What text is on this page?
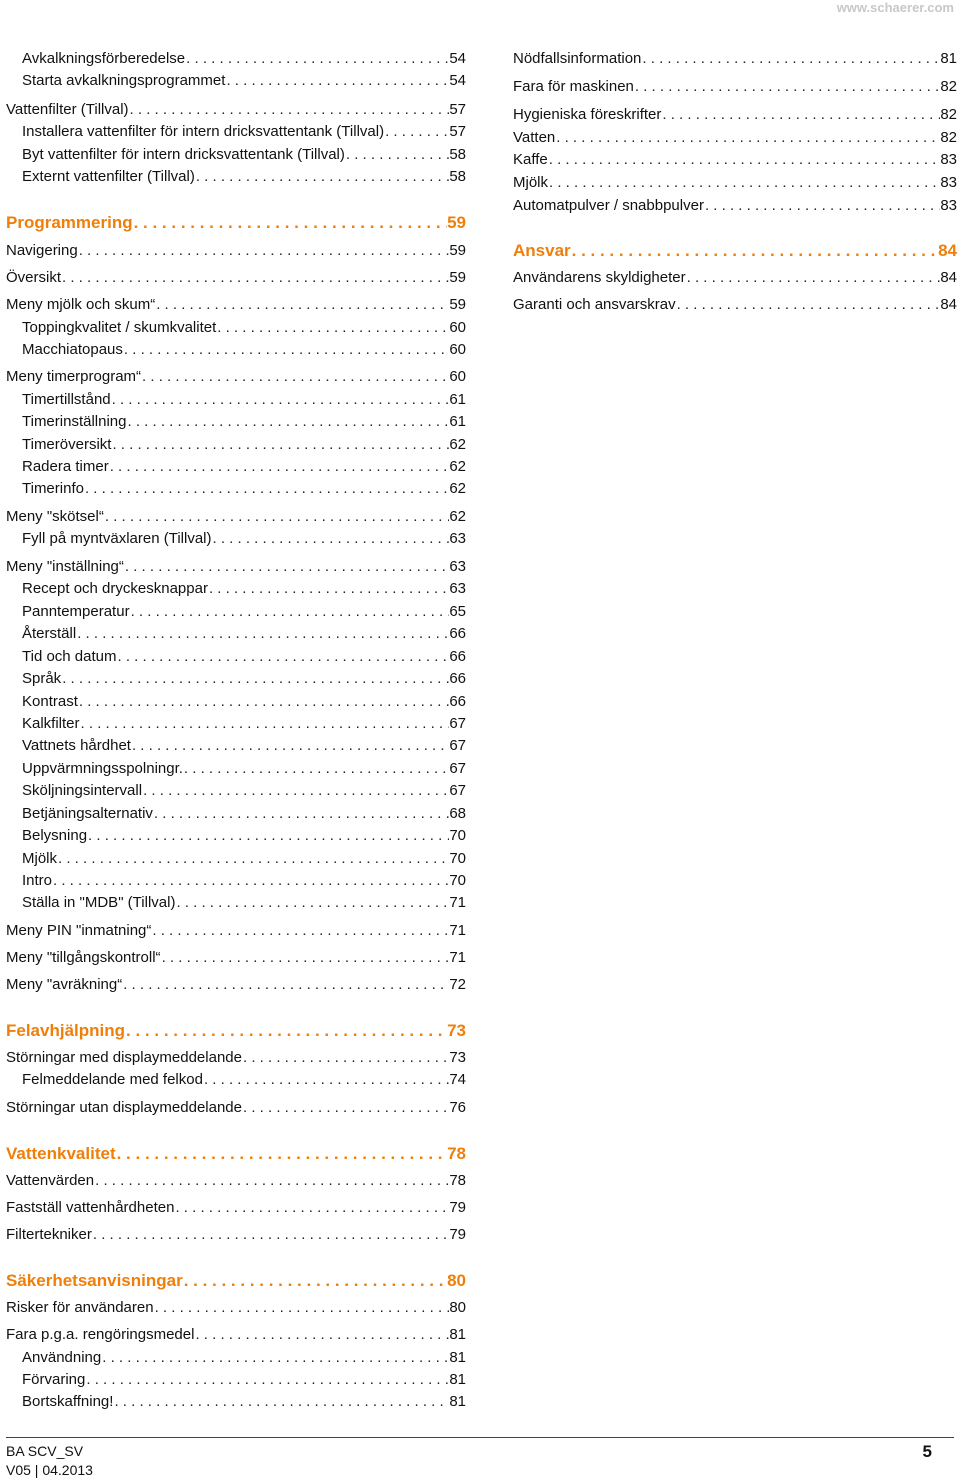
www.schaerer.com
Avkalkningsförberedelse . . .	54
Starta avkalkningsprogrammet . . .	54
Vattenfilter (Tillval) . . .	57
Installera vattenfilter för intern dricksvattentank (Tillval) . . .	57
Byt vattenfilter för intern dricksvattentank (Tillval) . . .	58
Externt vattenfilter (Tillval) . . .	58
Programmering . . .	59
Navigering . . .	59
Översikt . . .	59
Meny mjölk och skum“ . . .	59
Toppingkvalitet / skumkvalitet . . .	60
Macchiatopaus . . .	60
Meny timerprogram“ . . .	60
Timertillstånd . . .	61
Timerinställning . . .	61
Timeröversikt . . .	62
Radera timer . . .	62
Timerinfo . . .	62
Meny "skötsel“ . . .	62
Fyll på myntväxlaren (Tillval) . . .	63
Meny "inställning“ . . .	63
Recept och dryckesknappar . . .	63
Panntemperatur . . .	65
Återställ . . .	66
Tid och datum . . .	66
Språk . . .	66
Kontrast . . .	66
Kalkfilter . . .	67
Vattnets hårdhet . . .	67
Uppvärmningsspolningr. . . .	67
Sköljningsintervall . . .	67
Betjäningsalternativ . . .	68
Belysning . . .	70
Mjölk . . .	70
Intro . . .	70
Ställa in "MDB" (Tillval) . . .	71
Meny PIN "inmatning“ . . .	71
Meny "tillgångskontroll“ . . .	71
Meny "avräkning“ . . .	72
Felavhjälpning . . .	73
Störningar med displaymeddelande . . .	73
Felmeddelande med felkod . . .	74
Störningar utan displaymeddelande . . .	76
Vattenkvalitet . . .	78
Vattenvärden . . .	78
Fastställ vattenhårdheten . . .	79
Filtertekniker . . .	79
Säkerhetsanvisningar . . .	80
Risker för användaren . . .	80
Fara p.g.a. rengöringsmedel . . .	81
Användning . . .	81
Förvaring . . .	81
Bortskaffning! . . .	81
Nödfallsinformation . . .	81
Fara för maskinen . . .	82
Hygieniska föreskrifter . . .	82
Vatten . . .	82
Kaffe . . .	83
Mjölk . . .	83
Automatpulver / snabbpulver . . .	83
Ansvar . . .	84
Användarens skyldigheter . . .	84
Garanti och ansvarskrav . . .	84
BA SCV_SV
V05 | 04.2013
5
